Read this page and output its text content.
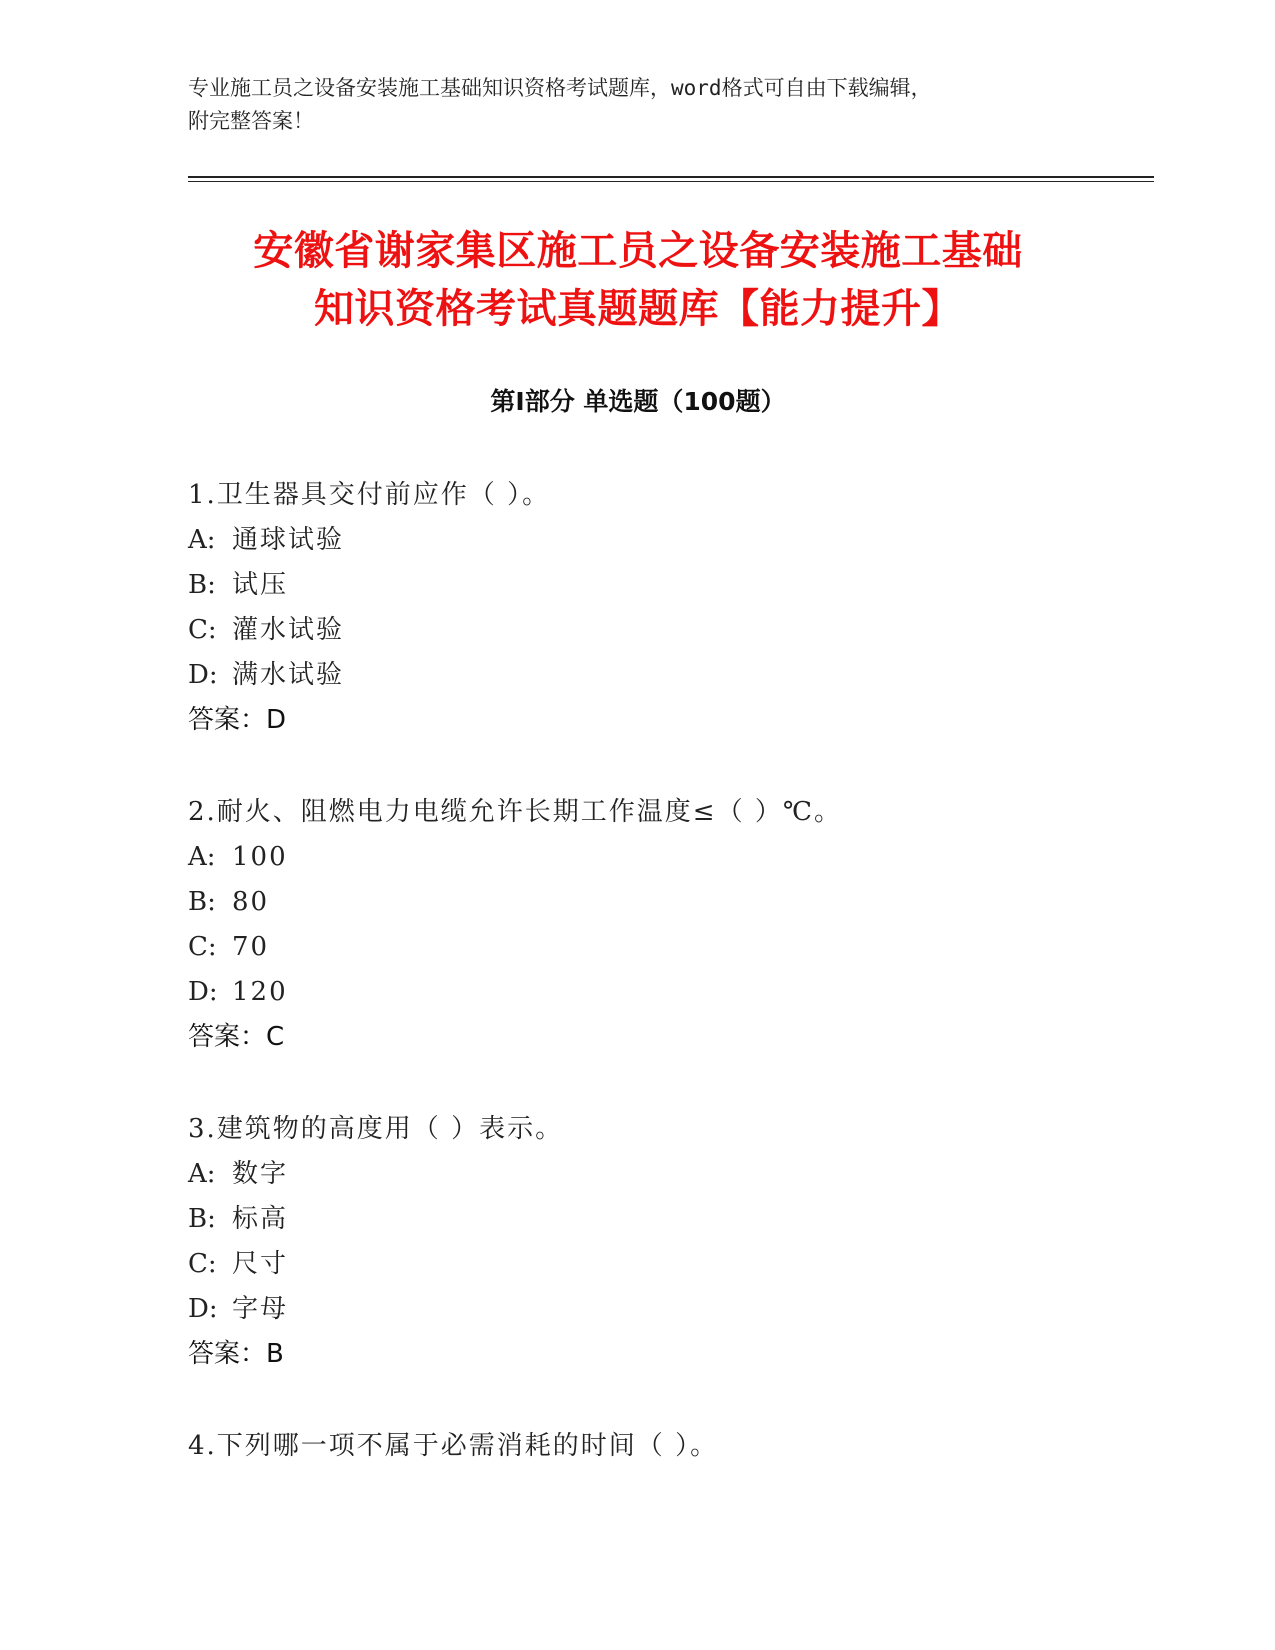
专业施工员之设备安装施工基础知识资格考试题库，word格式可自由下载编辑，

附完整答案！

安徽省谢家集区施工员之设备安装施工基础
知识资格考试真题题库【能力提升】
第Ⅰ部分 单选题（100题）
1.卫生器具交付前应作（ ）。
A: 通球试验
B: 试压
C: 灌水试验
D: 满水试验
答案：D
2.耐火、阻燃电力电缆允许长期工作温度≤（ ）℃。
A: 100
B: 80
C: 70
D: 120
答案：C
3.建筑物的高度用（ ）表示。
A: 数字
B: 标高
C: 尺寸
D: 字母
答案：B
4.下列哪一项不属于必需消耗的时间（ ）。
